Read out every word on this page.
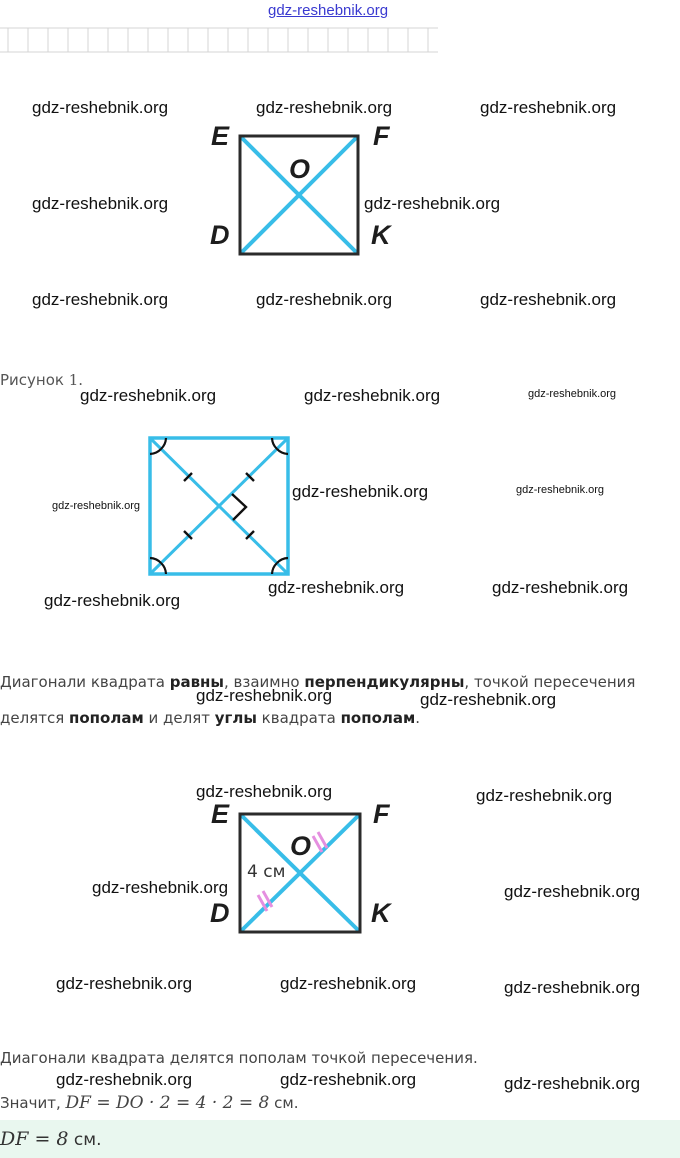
gdz-reshebnik.org
E	F
O
D	K
Рисунок 1.
Диагонали квадрата равны, взаимно перпендикулярны, точкой пересечения
делятся пополам и делят углы квадрата пополам.
E	F
O
D	K
4 см
Диагонали квадрата делятся пополам точкой пересечения.
Значит, DF = DO · 2 = 4 · 2 = 8 см.
DF = 8 см.
gdz-reshebnik.org	gdz-reshebnik.org	gdz-reshebnik.org
gdz-reshebnik.org	gdz-reshebnik.org
gdz-reshebnik.org	gdz-reshebnik.org	gdz-reshebnik.org
gdz-reshebnik.org	gdz-reshebnik.org	gdz-reshebnik.org
gdz-reshebnik.org	gdz-reshebnik.org
gdz-reshebnik.org
gdz-reshebnik.org	gdz-reshebnik.org
gdz-reshebnik.org
gdz-reshebnik.org	gdz-reshebnik.org
gdz-reshebnik.org	gdz-reshebnik.org
gdz-reshebnik.org	gdz-reshebnik.org
gdz-reshebnik.org	gdz-reshebnik.org	gdz-reshebnik.org
gdz-reshebnik.org	gdz-reshebnik.org	gdz-reshebnik.org
